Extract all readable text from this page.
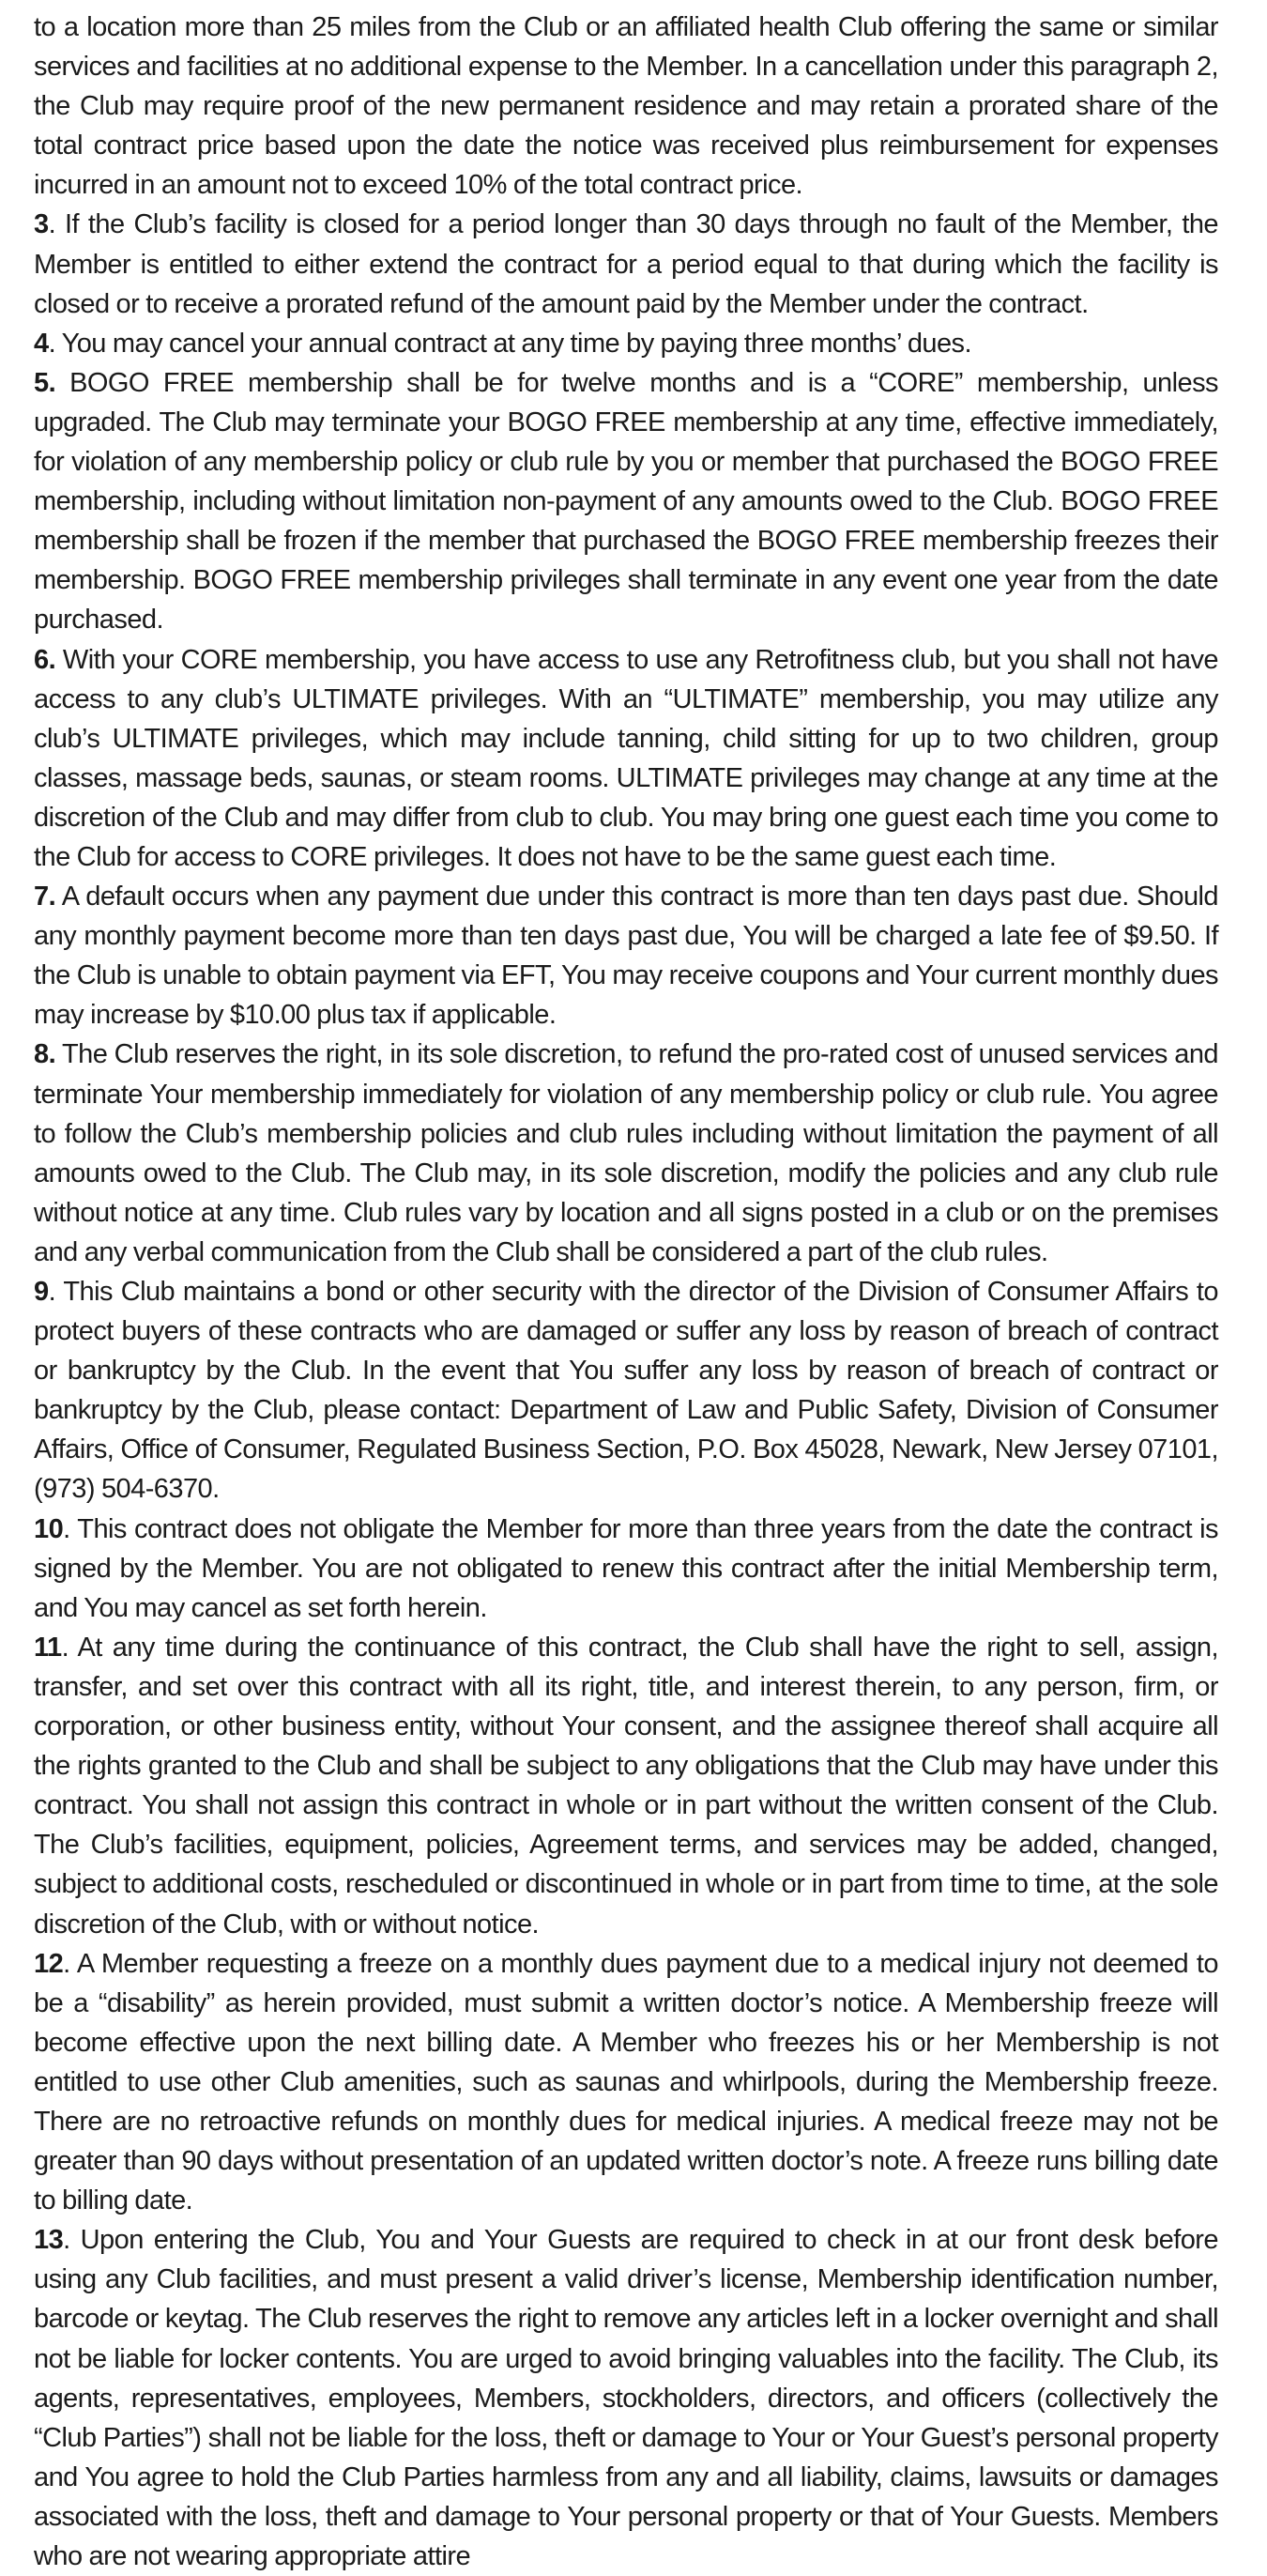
to a location more than 25 miles from the Club or an affiliated health Club offering the same or similar services and facilities at no additional expense to the Member. In a cancellation under this paragraph 2, the Club may require proof of the new permanent residence and may retain a prorated share of the total contract price based upon the date the notice was received plus reimbursement for expenses incurred in an amount not to exceed 10% of the total contract price.

3. If the Club’s facility is closed for a period longer than 30 days through no fault of the Member, the Member is entitled to either extend the contract for a period equal to that during which the facility is closed or to receive a prorated refund of the amount paid by the Member under the contract.

4. You may cancel your annual contract at any time by paying three months’ dues.

5. BOGO FREE membership shall be for twelve months and is a “CORE” membership, unless upgraded. The Club may terminate your BOGO FREE membership at any time, effective immediately, for violation of any membership policy or club rule by you or member that purchased the BOGO FREE membership, including without limitation non-payment of any amounts owed to the Club. BOGO FREE membership shall be frozen if the member that purchased the BOGO FREE membership freezes their membership. BOGO FREE membership privileges shall terminate in any event one year from the date purchased.

6. With your CORE membership, you have access to use any Retrofitness club, but you shall not have access to any club’s ULTIMATE privileges. With an “ULTIMATE” membership, you may utilize any club’s ULTIMATE privileges, which may include tanning, child sitting for up to two children, group classes, massage beds, saunas, or steam rooms. ULTIMATE privileges may change at any time at the discretion of the Club and may differ from club to club. You may bring one guest each time you come to the Club for access to CORE privileges. It does not have to be the same guest each time.

7. A default occurs when any payment due under this contract is more than ten days past due. Should any monthly payment become more than ten days past due, You will be charged a late fee of $9.50. If the Club is unable to obtain payment via EFT, You may receive coupons and Your current monthly dues may increase by $10.00 plus tax if applicable.

8. The Club reserves the right, in its sole discretion, to refund the pro-rated cost of unused services and terminate Your membership immediately for violation of any membership policy or club rule. You agree to follow the Club’s membership policies and club rules including without limitation the payment of all amounts owed to the Club. The Club may, in its sole discretion, modify the policies and any club rule without notice at any time. Club rules vary by location and all signs posted in a club or on the premises and any verbal communication from the Club shall be considered a part of the club rules.

9. This Club maintains a bond or other security with the director of the Division of Consumer Affairs to protect buyers of these contracts who are damaged or suffer any loss by reason of breach of contract or bankruptcy by the Club. In the event that You suffer any loss by reason of breach of contract or bankruptcy by the Club, please contact: Department of Law and Public Safety, Division of Consumer Affairs, Office of Consumer, Regulated Business Section, P.O. Box 45028, Newark, New Jersey 07101, (973) 504-6370.

10. This contract does not obligate the Member for more than three years from the date the contract is signed by the Member. You are not obligated to renew this contract after the initial Membership term, and You may cancel as set forth herein.

11. At any time during the continuance of this contract, the Club shall have the right to sell, assign, transfer, and set over this contract with all its right, title, and interest therein, to any person, firm, or corporation, or other business entity, without Your consent, and the assignee thereof shall acquire all the rights granted to the Club and shall be subject to any obligations that the Club may have under this contract. You shall not assign this contract in whole or in part without the written consent of the Club. The Club’s facilities, equipment, policies, Agreement terms, and services may be added, changed, subject to additional costs, rescheduled or discontinued in whole or in part from time to time, at the sole discretion of the Club, with or without notice.

12. A Member requesting a freeze on a monthly dues payment due to a medical injury not deemed to be a “disability” as herein provided, must submit a written doctor’s notice. A Membership freeze will become effective upon the next billing date. A Member who freezes his or her Membership is not entitled to use other Club amenities, such as saunas and whirlpools, during the Membership freeze. There are no retroactive refunds on monthly dues for medical injuries. A medical freeze may not be greater than 90 days without presentation of an updated written doctor’s note. A freeze runs billing date to billing date.

13. Upon entering the Club, You and Your Guests are required to check in at our front desk before using any Club facilities, and must present a valid driver’s license, Membership identification number, barcode or keytag. The Club reserves the right to remove any articles left in a locker overnight and shall not be liable for locker contents. You are urged to avoid bringing valuables into the facility. The Club, its agents, representatives, employees, Members, stockholders, directors, and officers (collectively the “Club Parties”) shall not be liable for the loss, theft or damage to Your or Your Guest’s personal property and You agree to hold the Club Parties harmless from any and all liability, claims, lawsuits or damages associated with the loss, theft and damage to Your personal property or that of Your Guests. Members who are not wearing appropriate attire
